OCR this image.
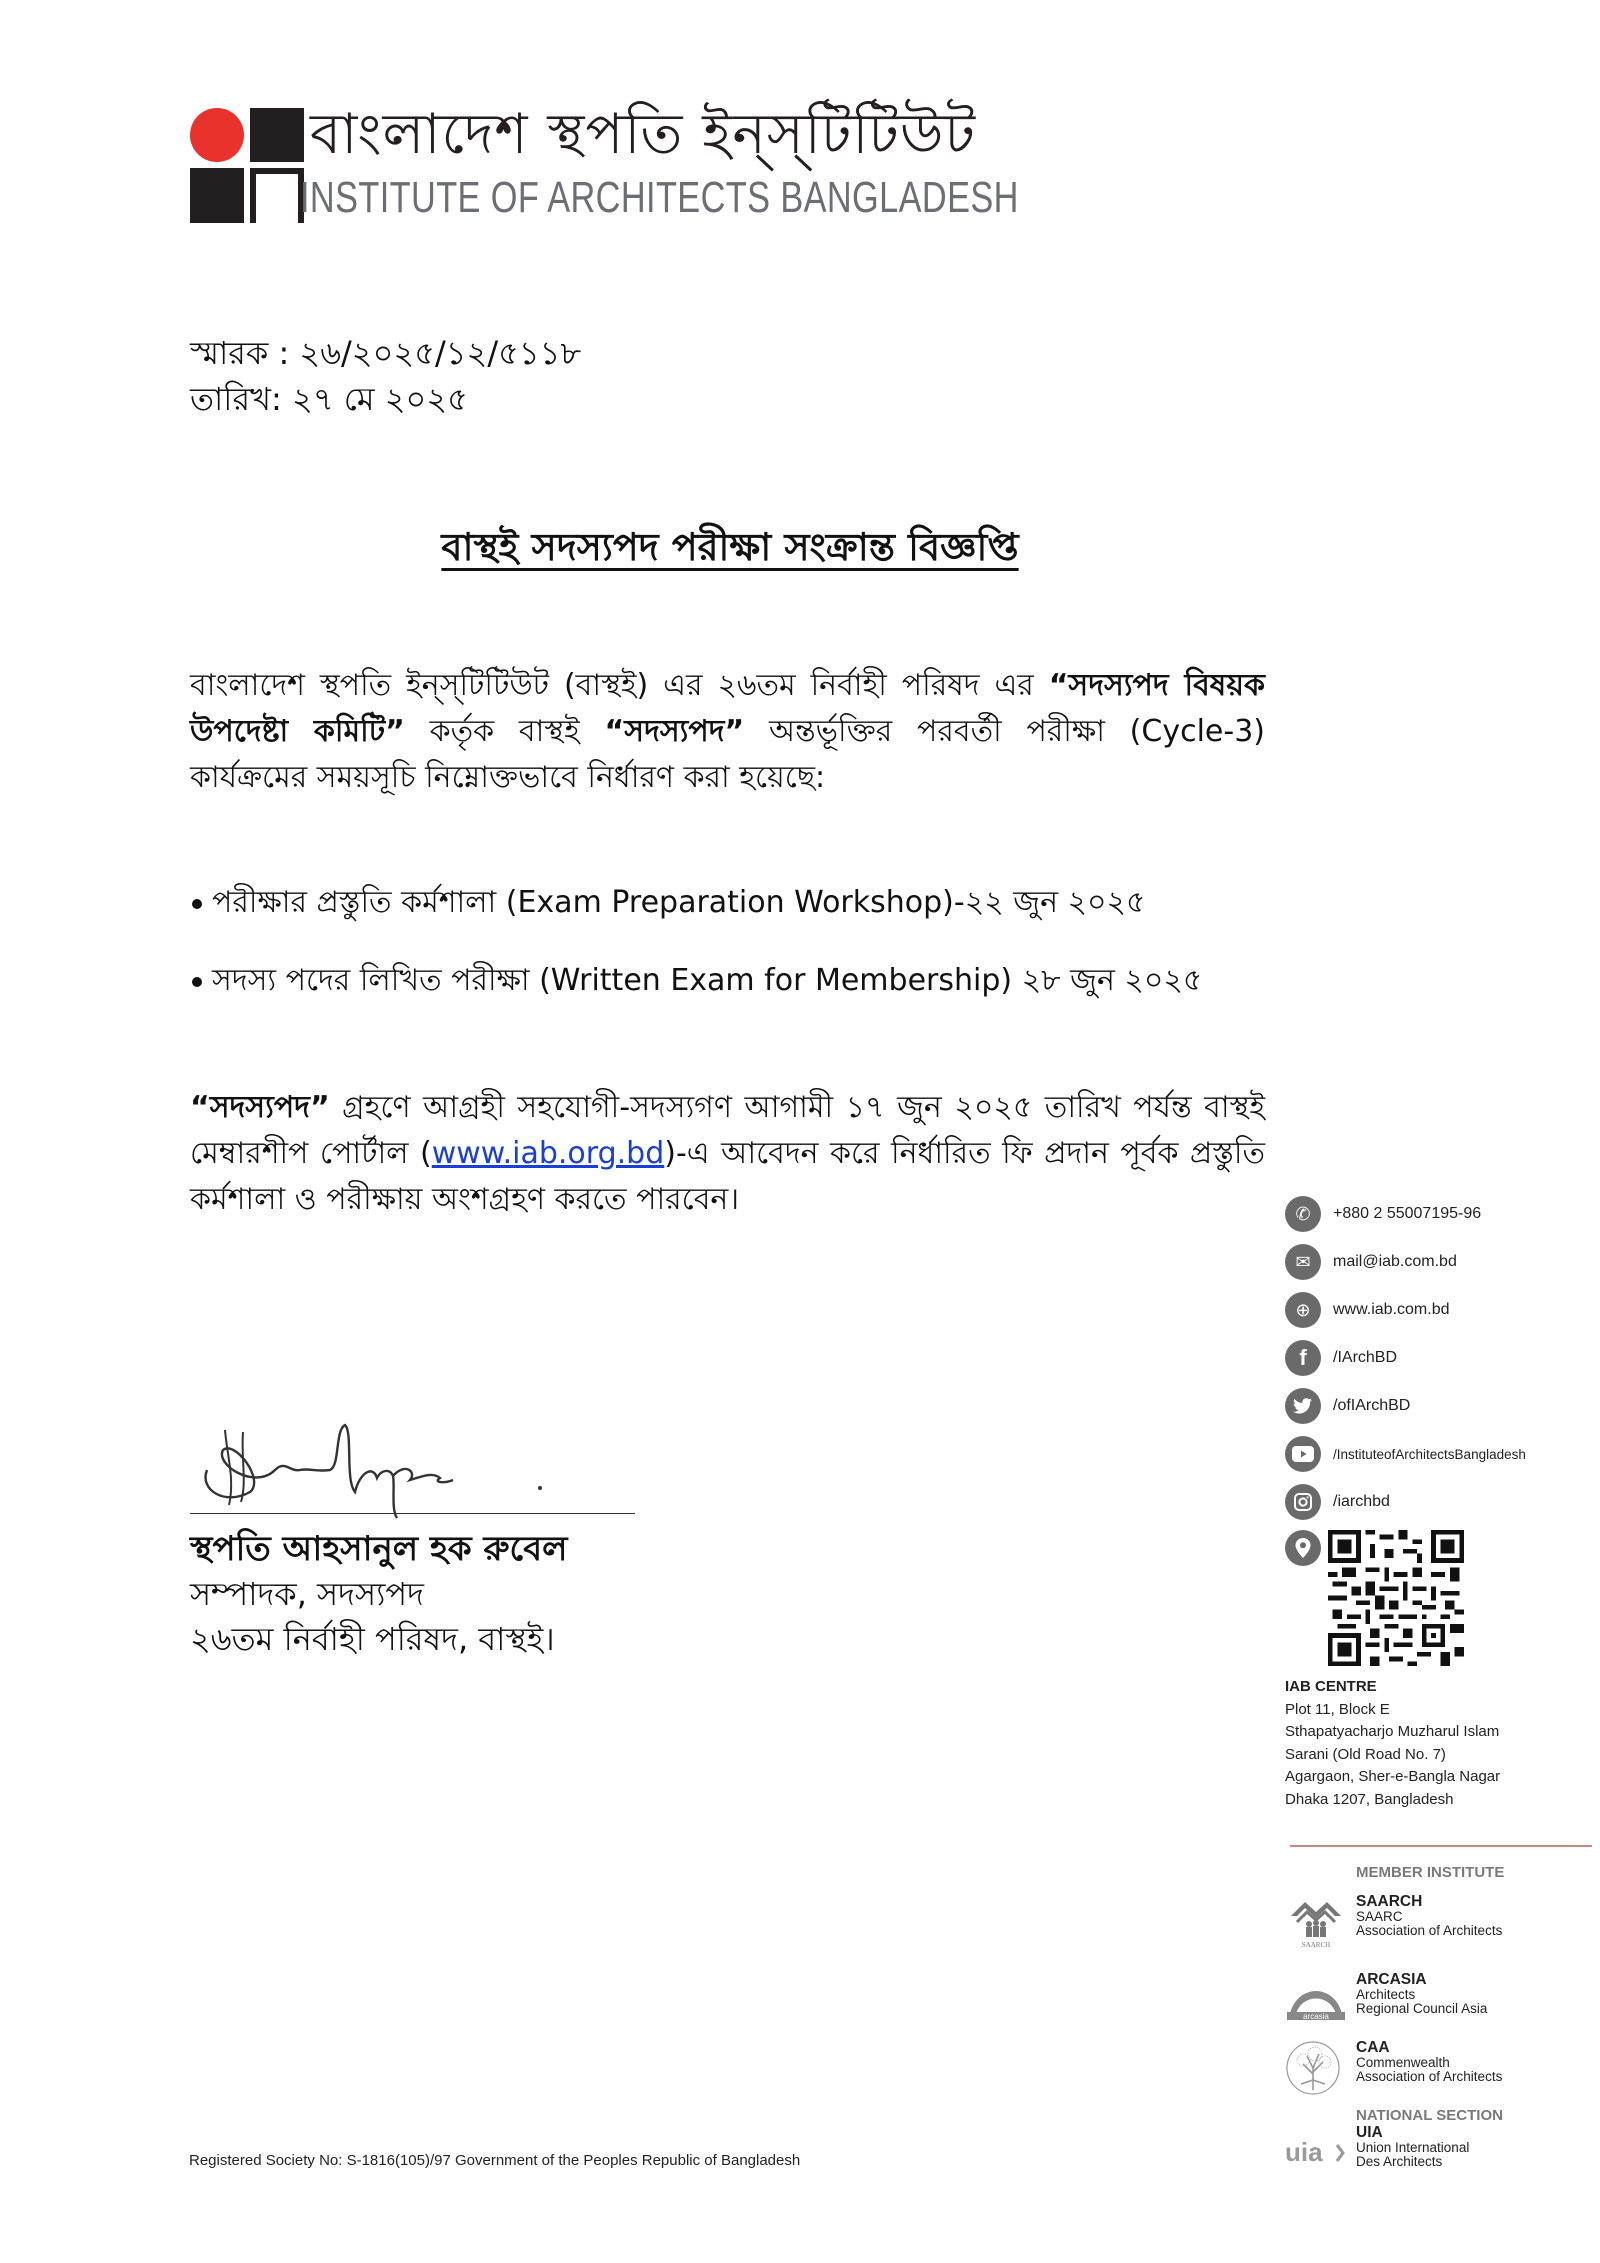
বাংলাদেশ স্থপতি ইন্‌স্‌টিটিউট
INSTITUTE OF ARCHITECTS BANGLADESH
স্মারক : ২৬/২০২৫/১২/৫১১৮
তারিখ: ২৭ মে ২০২৫
বাস্থই সদস্যপদ পরীক্ষা সংক্রান্ত বিজ্ঞপ্তি
বাংলাদেশ স্থপতি ইন্‌স্‌টিটিউট (বাস্থই) এর ২৬তম নির্বাহী পরিষদ এর “সদস্যপদ বিষয়ক উপদেষ্টা কমিটি” কর্তৃক বাস্থই “সদস্যপদ” অন্তর্ভূক্তির পরবর্তী পরীক্ষা (Cycle-3) কার্যক্রমের সময়সূচি নিম্নোক্তভাবে নির্ধারণ করা হয়েছে:
পরীক্ষার প্রস্তুতি কর্মশালা (Exam Preparation Workshop)-২২ জুন ২০২৫
সদস্য পদের লিখিত পরীক্ষা (Written Exam for Membership) ২৮ জুন ২০২৫
“সদস্যপদ” গ্রহণে আগ্রহী সহযোগী-সদস্যগণ আগামী ১৭ জুন ২০২৫ তারিখ পর্যন্ত বাস্থই মেম্বারশীপ পোর্টাল (www.iab.org.bd)-এ আবেদন করে নির্ধারিত ফি প্রদান পূর্বক প্রস্তুতি কর্মশালা ও পরীক্ষায় অংশগ্রহণ করতে পারবেন।
স্থপতি আহসানুল হক রুবেল
সম্পাদক, সদস্যপদ
২৬তম নির্বাহী পরিষদ, বাস্থই।
✆	+880 2 55007195-96
✉	mail@iab.com.bd
⊕	www.iab.com.bd
f	/IArchBD
/ofIArchBD
/InstituteofArchitectsBangladesh
/iarchbd
IAB CENTRE
Plot 11, Block E
Sthapatyacharjo Muzharul Islam
Sarani (Old Road No. 7)
Agargaon, Sher-e-Bangla Nagar
Dhaka 1207, Bangladesh
MEMBER INSTITUTE
SAARCH
SAARCH
SAARC
Association of Architects
arcasia
ARCASIA
Architects
Regional Council Asia
CAA
Commenwealth
Association of Architects
NATIONAL SECTION
uia
UIA
Union International
Des Architects
Registered Society No: S-1816(105)/97 Government of the Peoples Republic of Bangladesh
